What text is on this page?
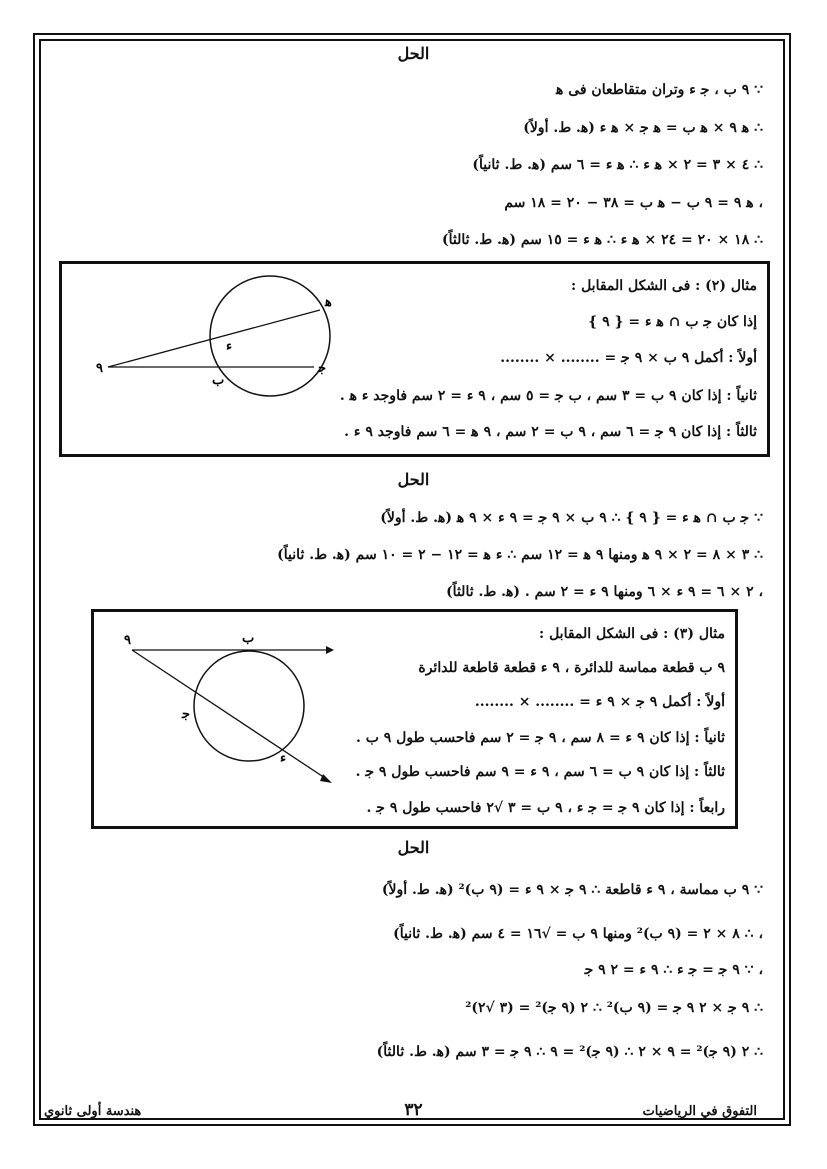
الحل
∵ ٩ ب ، ﺟ ء وتران متقاطعان فى ﻫ
∴ ﻫ ٩ × ﻫ ب = ﻫ ﺟ × ﻫ ء (ﻫ. ط. أولاً)
∴ ٤ × ٣ = ٢ × ﻫ ء ∴ ﻫ ء = ٦ سم (ﻫ. ط. ثانياً)
، ﻫ ٩ = ٩ ب − ﻫ ب = ٣٨ − ٢٠ = ١٨ سم
∴ ١٨ × ٢٠ = ٢٤ × ﻫ ء ∴ ﻫ ء = ١٥ سم (ﻫ. ط. ثالثاً)
مثال (٢) : فى الشكل المقابل :
إذا كان ﺟ ب ∩ ﻫ ء = { ٩ }
أولاً : أكمل ٩ ب × ٩ ﺟ = ........ × ........
ثانياً : إذا كان ٩ ب = ٣ سم ، ب ﺟ = ٥ سم ، ٩ ء = ٢ سم فاوجد ء ﻫ .
ثالثاً : إذا كان ٩ ﺟ = ٦ سم ، ٩ ب = ٢ سم ، ٩ ﻫ = ٦ سم فاوجد ٩ ء .
ﻫ
ء
٩
ب
ﺟ
الحل
∵ ﺟ ب ∩ ﻫ ء = { ٩ } ∴ ٩ ب × ٩ ﺟ = ٩ ء × ٩ ﻫ (ﻫ. ط. أولاً)
∴ ٣ × ٨ = ٢ × ٩ ﻫ ومنها ٩ ﻫ = ١٢ سم ∴ ء ﻫ = ١٢ − ٢ = ١٠ سم (ﻫ. ط. ثانياً)
، ٢ × ٦ = ٩ ء × ٦ ومنها ٩ ء = ٢ سم . (ﻫ. ط. ثالثاً)
مثال (٣) : فى الشكل المقابل :
٩ ب قطعة مماسة للدائرة ، ٩ ء قطعة قاطعة للدائرة
أولاً : أكمل ٩ ﺟ × ٩ ء = ........ × ........
ثانياً : إذا كان ٩ ء = ٨ سم ، ٩ ﺟ = ٢ سم فاحسب طول ٩ ب .
ثالثاً : إذا كان ٩ ب = ٦ سم ، ٩ ء = ٩ سم فاحسب طول ٩ ﺟ .
رابعاً : إذا كان ٩ ﺟ = ﺟ ء ، ٩ ب = ٣ √٢ فاحسب طول ٩ ﺟ .
٩	ب
ﺟ
ء
الحل
∵ ٩ ب مماسة ، ٩ ء قاطعة ∴ ٩ ﺟ × ٩ ء = (٩ ب)² (ﻫ. ط. أولاً)
، ∴ ٨ × ٢ = (٩ ب)² ومنها ٩ ب = √١٦ = ٤ سم (ﻫ. ط. ثانياً)
، ∵ ٩ ﺟ = ﺟ ء ∴ ٩ ء = ٢ ٩ ﺟ
∴ ٩ ﺟ × ٢ ٩ ﺟ = (٩ ب)² ∴ ٢ (٩ ﺟ)² = (٣ √٢)²
∴ ٢ (٩ ﺟ)² = ٩ × ٢ ∴ (٩ ﺟ)² = ٩ ∴ ٩ ﺟ = ٣ سم (ﻫ. ط. ثالثاً)
التفوق في الرياضيات
٣٢
هندسة أولى ثانوي
